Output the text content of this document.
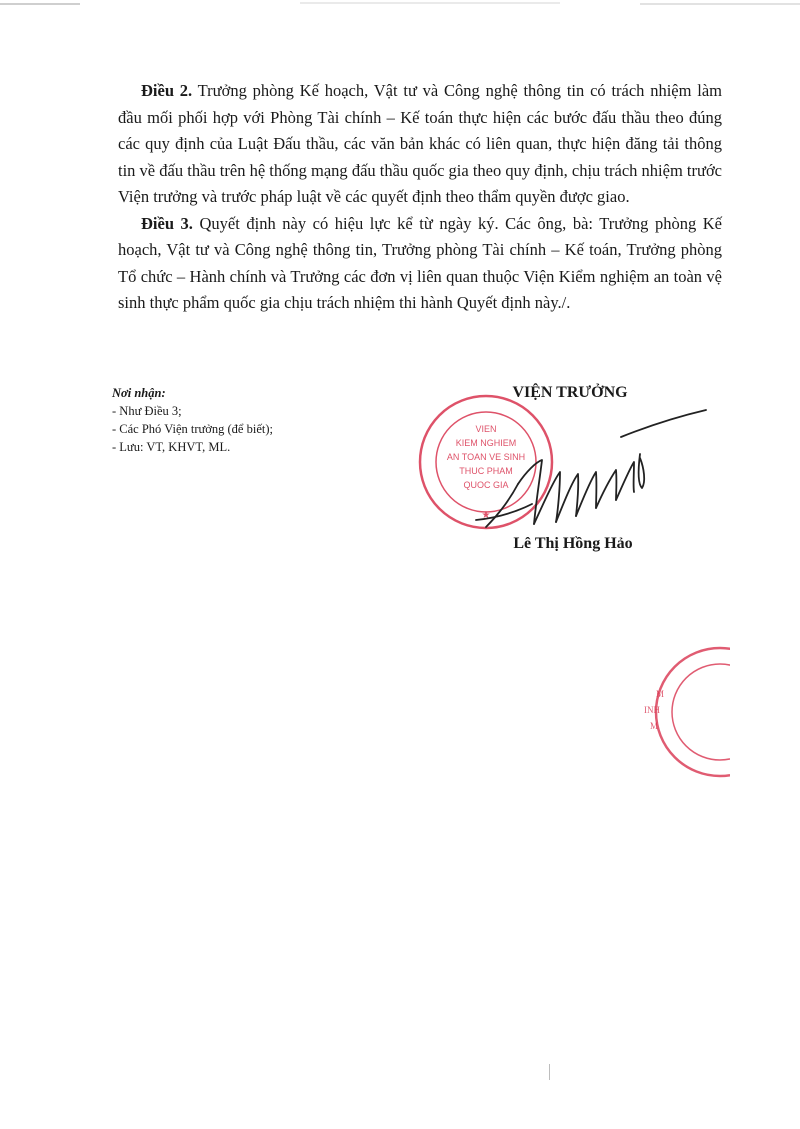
Điều 2. Trưởng phòng Kế hoạch, Vật tư và Công nghệ thông tin có trách nhiệm làm đầu mối phối hợp với Phòng Tài chính – Kế toán thực hiện các bước đấu thầu theo đúng các quy định của Luật Đấu thầu, các văn bản khác có liên quan, thực hiện đăng tải thông tin về đấu thầu trên hệ thống mạng đấu thầu quốc gia theo quy định, chịu trách nhiệm trước Viện trưởng và trước pháp luật về các quyết định theo thẩm quyền được giao.

Điều 3. Quyết định này có hiệu lực kể từ ngày ký. Các ông, bà: Trưởng phòng Kế hoạch, Vật tư và Công nghệ thông tin, Trưởng phòng Tài chính – Kế toán, Trưởng phòng Tổ chức – Hành chính và Trưởng các đơn vị liên quan thuộc Viện Kiểm nghiệm an toàn vệ sinh thực phẩm quốc gia chịu trách nhiệm thi hành Quyết định này./.

Nơi nhận:
- Như Điều 3;
- Các Phó Viện trưởng (để biết);
- Lưu: VT, KHVT, ML.
VIEN
KIEM NGHIEM
AN TOAN VE SINH
THUC PHAM
QUOC GIA
★
VIỆN TRƯỞNG
Lê Thị Hồng Hảo
M
INH
M
